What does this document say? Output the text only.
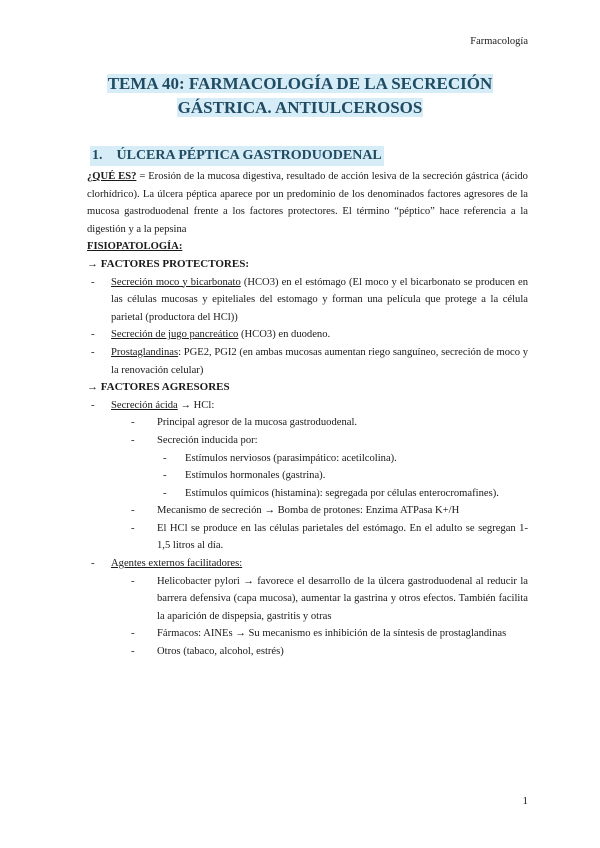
Farmacología
TEMA 40: FARMACOLOGÍA DE LA SECRECIÓN
GÁSTRICA. ANTIULCEROSOS
1. ÚLCERA PÉPTICA GASTRODUODENAL

¿QUÉ ES? = Erosión de la mucosa digestiva, resultado de acción lesiva de la secreción gástrica (ácido clorhídrico). La úlcera péptica aparece por un predominio de los denominados factores agresores de la mucosa gastroduodenal frente a los factores protectores. El término “péptico” hace referencia a la digestión y a la pepsina

FISIOPATOLOGÍA:

→ FACTORES PROTECTORES:

- Secreción moco y bicarbonato (HCO3) en el estómago (El moco y el bicarbonato se producen en las células mucosas y epiteliales del estomago y forman una película que protege a la célula parietal (productora del HCl))
- Secreción de jugo pancreático (HCO3) en duodeno.
- Prostaglandinas: PGE2, PGI2 (en ambas mucosas aumentan riego sanguíneo, secreción de moco y la renovación celular)

→ FACTORES AGRESORES

- Secreción ácida → HCl:
- Principal agresor de la mucosa gastroduodenal.
- Secreción inducida por:
- Estímulos nerviosos (parasimpático: acetilcolina).
- Estímulos hormonales (gastrina).
- Estímulos químicos (histamina): segregada por células enterocromafines).
- Mecanismo de secreción → Bomba de protones: Enzima ATPasa K+/H
- El HCl se produce en las células parietales del estómago. En el adulto se segregan 1-1,5 litros al día.
- Agentes externos facilitadores:
- Helicobacter pylori → favorece el desarrollo de la úlcera gastroduodenal al reducir la barrera defensiva (capa mucosa), aumentar la gastrina y otros efectos. También facilita la aparición de dispepsia, gastritis y otras
- Fármacos: AINEs → Su mecanismo es inhibición de la síntesis de prostaglandinas
- Otros (tabaco, alcohol, estrés)
1
